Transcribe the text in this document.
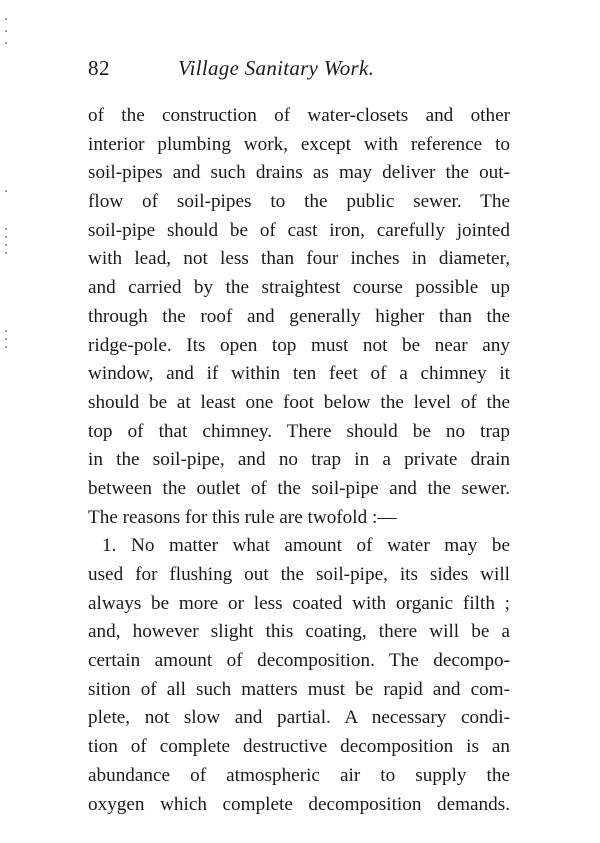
82	Village Sanitary Work.
of the construction of water-closets and other
interior plumbing work, except with reference to
soil-pipes and such drains as may deliver the out-
flow of soil-pipes to the public sewer. The
soil-pipe should be of cast iron, carefully jointed
with lead, not less than four inches in diameter,
and carried by the straightest course possible up
through the roof and generally higher than the
ridge-pole. Its open top must not be near any
window, and if within ten feet of a chimney it
should be at least one foot below the level of the
top of that chimney. There should be no trap
in the soil-pipe, and no trap in a private drain
between the outlet of the soil-pipe and the sewer.
The reasons for this rule are twofold :—
1. No matter what amount of water may be
used for flushing out the soil-pipe, its sides will
always be more or less coated with organic filth ;
and, however slight this coating, there will be a
certain amount of decomposition. The decompo-
sition of all such matters must be rapid and com-
plete, not slow and partial. A necessary condi-
tion of complete destructive decomposition is an
abundance of atmospheric air to supply the
oxygen which complete decomposition demands.
